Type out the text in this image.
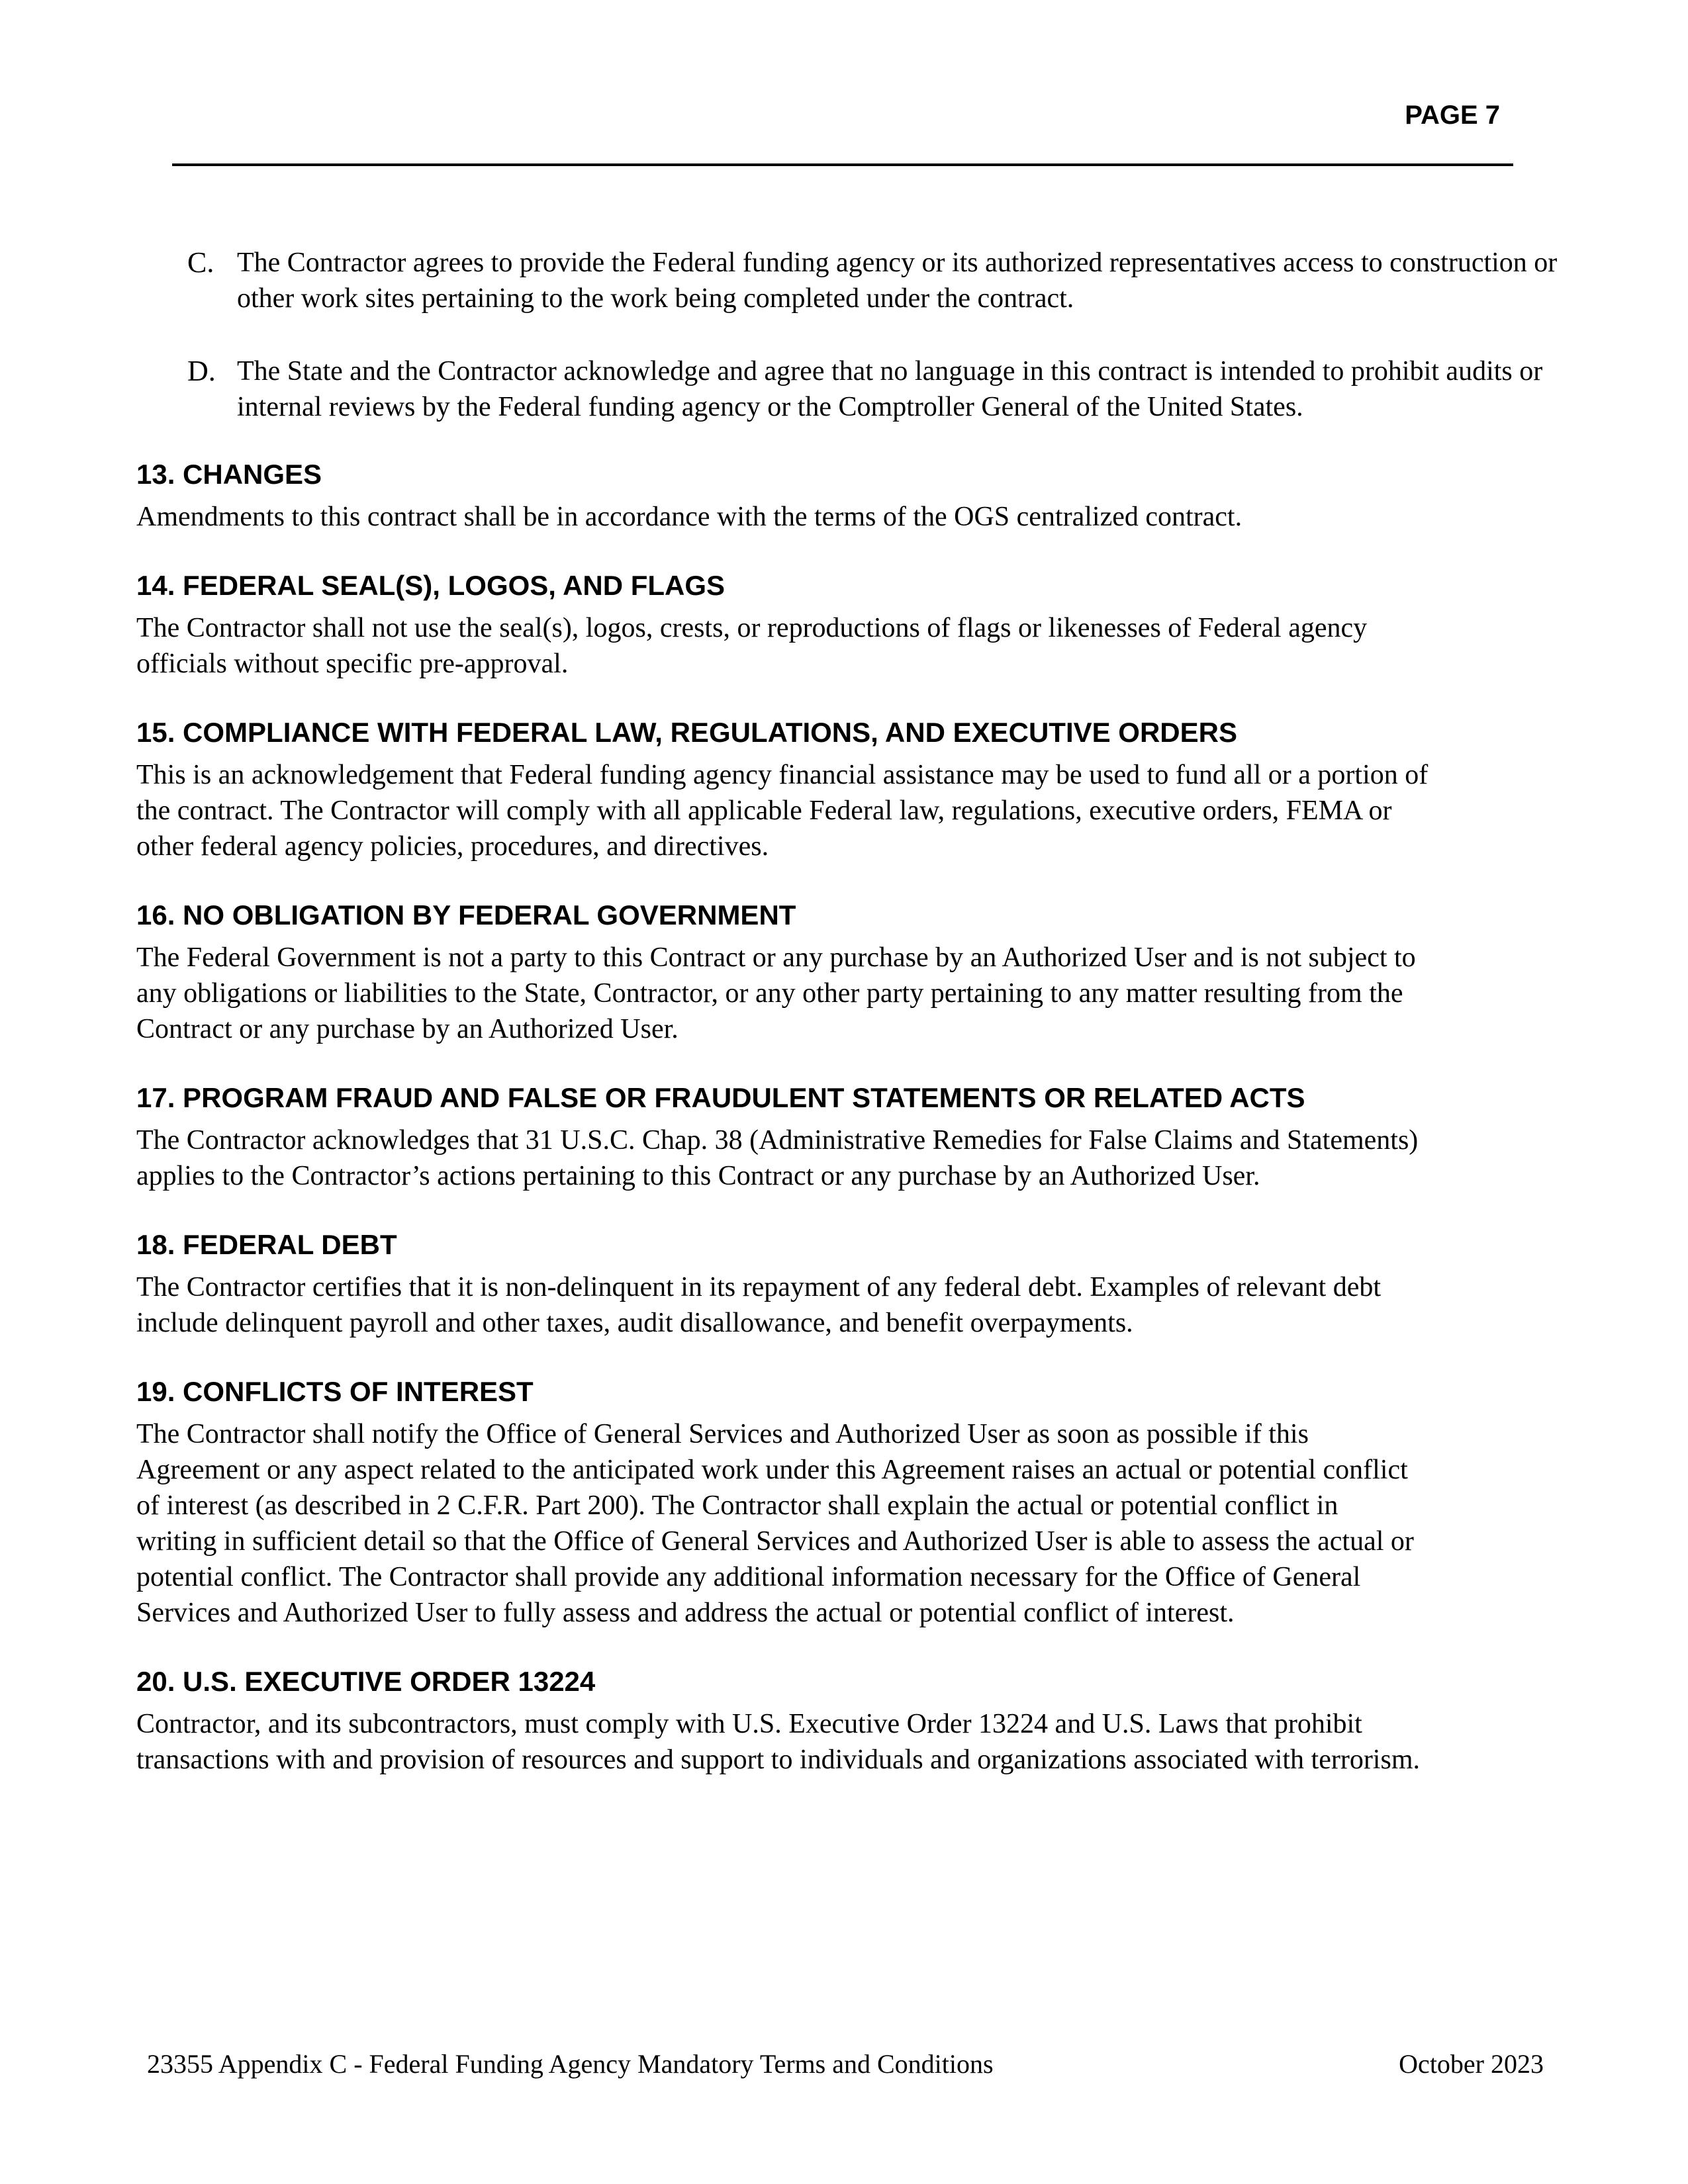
PAGE 7
C. The Contractor agrees to provide the Federal funding agency or its authorized representatives access to construction or other work sites pertaining to the work being completed under the contract.
D. The State and the Contractor acknowledge and agree that no language in this contract is intended to prohibit audits or internal reviews by the Federal funding agency or the Comptroller General of the United States.
13. CHANGES

Amendments to this contract shall be in accordance with the terms of the OGS centralized contract.

14. FEDERAL SEAL(S), LOGOS, AND FLAGS

The Contractor shall not use the seal(s), logos, crests, or reproductions of flags or likenesses of Federal agency
officials without specific pre-approval.

15. COMPLIANCE WITH FEDERAL LAW, REGULATIONS, AND EXECUTIVE ORDERS

This is an acknowledgement that Federal funding agency financial assistance may be used to fund all or a portion of
the contract. The Contractor will comply with all applicable Federal law, regulations, executive orders, FEMA or
other federal agency policies, procedures, and directives.

16. NO OBLIGATION BY FEDERAL GOVERNMENT

The Federal Government is not a party to this Contract or any purchase by an Authorized User and is not subject to
any obligations or liabilities to the State, Contractor, or any other party pertaining to any matter resulting from the
Contract or any purchase by an Authorized User.

17. PROGRAM FRAUD AND FALSE OR FRAUDULENT STATEMENTS OR RELATED ACTS

The Contractor acknowledges that 31 U.S.C. Chap. 38 (Administrative Remedies for False Claims and Statements)
applies to the Contractor’s actions pertaining to this Contract or any purchase by an Authorized User.

18. FEDERAL DEBT

The Contractor certifies that it is non-delinquent in its repayment of any federal debt. Examples of relevant debt
include delinquent payroll and other taxes, audit disallowance, and benefit overpayments.

19. CONFLICTS OF INTEREST

The Contractor shall notify the Office of General Services and Authorized User as soon as possible if this
Agreement or any aspect related to the anticipated work under this Agreement raises an actual or potential conflict
of interest (as described in 2 C.F.R. Part 200). The Contractor shall explain the actual or potential conflict in
writing in sufficient detail so that the Office of General Services and Authorized User is able to assess the actual or
potential conflict. The Contractor shall provide any additional information necessary for the Office of General
Services and Authorized User to fully assess and address the actual or potential conflict of interest.

20. U.S. EXECUTIVE ORDER 13224

Contractor, and its subcontractors, must comply with U.S. Executive Order 13224 and U.S. Laws that prohibit
transactions with and provision of resources and support to individuals and organizations associated with terrorism.

23355 Appendix C - Federal Funding Agency Mandatory Terms and Conditions	October 2023
